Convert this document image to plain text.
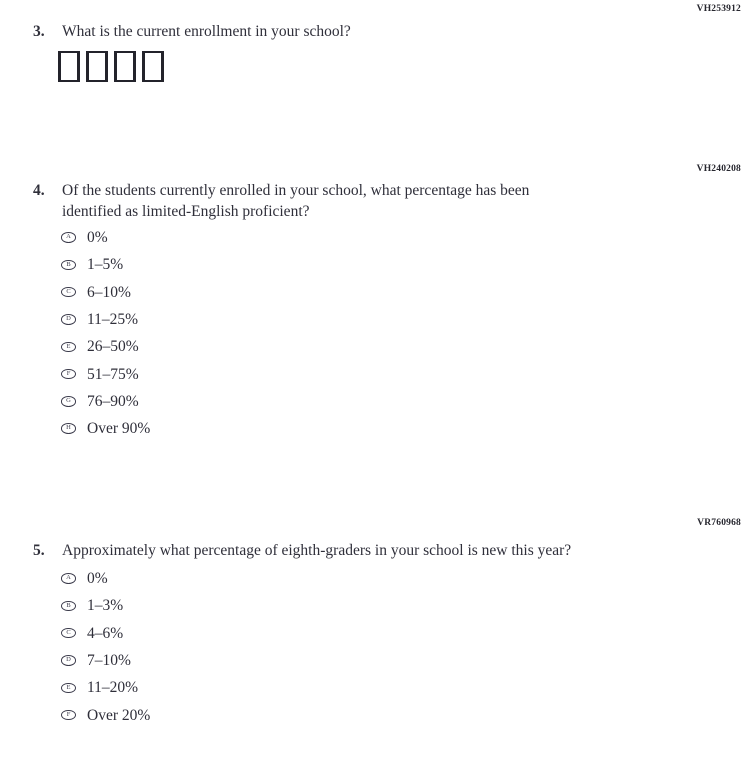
VH253912
3.	What is the current enrollment in your school?
VH240208
4.	Of the students currently enrolled in your school, what percentage has been identified as limited-English proficient?
A 0%
B 1–5%
C 6–10%
D 11–25%
E 26–50%
F 51–75%
G 76–90%
H Over 90%
VR760968
5.	Approximately what percentage of eighth-graders in your school is new this year?
A 0%
B 1–3%
C 4–6%
D 7–10%
E 11–20%
F Over 20%
